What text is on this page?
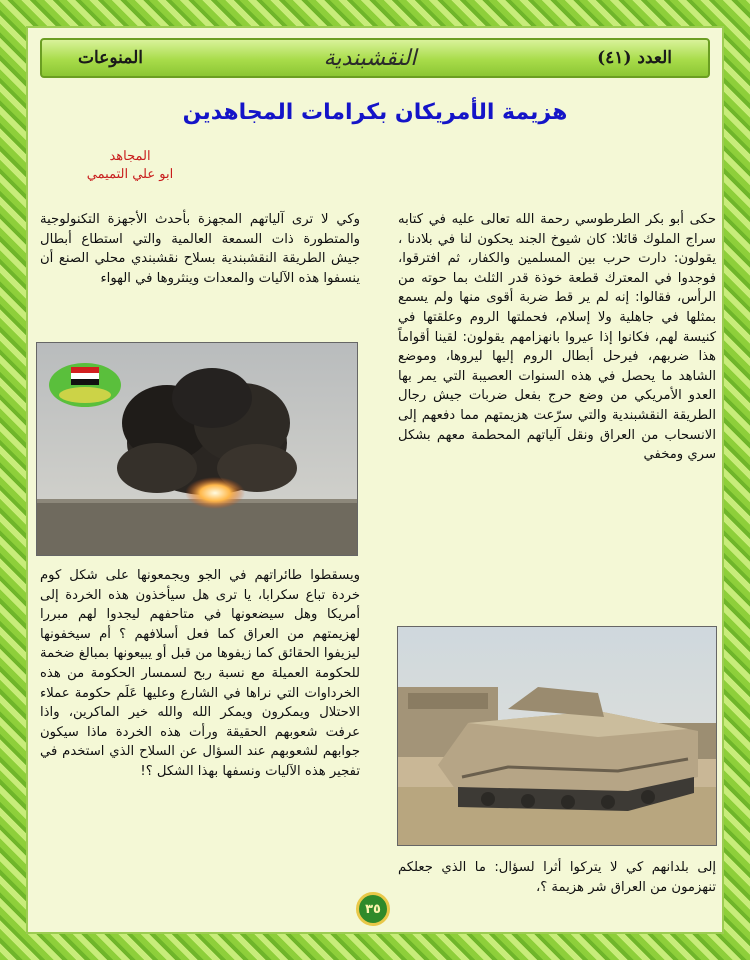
العدد (٤١)
النقشبندية
المنوعات
هزيمة الأمريكان بكرامات المجاهدين
المجاهد
ابو علي التميمي
حكى أبو بكر الطرطوسي رحمة الله تعالى عليه في كتابه سراج الملوك قائلا: كان شيوخ الجند يحكون لنا في بلادنا ، يقولون: دارت حرب بين المسلمين والكفار، ثم افترقوا، فوجدوا في المعترك قطعة خوذة قدر الثلث بما حوته من الرأس، فقالوا: إنه لم ير قط ضربة أقوى منها ولم يسمع بمثلها في جاهلية ولا إسلام، فحملتها الروم وعلقتها في كنيسة لهم، فكانوا إذا عيروا بانهزامهم يقولون: لقينا أقواماً هذا ضربهم، فيرحل أبطال الروم إليها ليروها، وموضع الشاهد ما يحصل في هذه السنوات العصيبة التي يمر بها العدو الأمريكي من وضع حرج بفعل ضربات جيش رجال الطريقة النقشبندية والتي سرّعت هزيمتهم مما دفعهم إلى الانسحاب من العراق ونقل آلياتهم المحطمة معهم بشكل سري ومخفي
وكي لا ترى آلياتهم المجهزة بأحدث الأجهزة التكنولوجية والمتطورة ذات السمعة العالمية والتي استطاع أبطال جيش الطريقة النقشبندية بسلاح نقشبندي محلي الصنع أن ينسفوا هذه الآليات والمعدات وينثروها في الهواء
ويسقطوا طائراتهم في الجو ويجمعونها على شكل كوم خردة تباع سكرابا، يا ترى هل سيأخذون هذه الخردة إلى أمريكا وهل سيضعونها في متاحفهم ليجدوا لهم مبررا لهزيمتهم من العراق كما فعل أسلافهم ؟ أم سيخفونها ليزيفوا الحقائق كما زيفوها من قبل أو يبيعونها بمبالغ ضخمة للحكومة العميلة مع نسبة ربح لسمسار الحكومة من هذه الخرداوات التي نراها في الشارع وعليها عَلَم حكومة عملاء الاحتلال ويمكرون ويمكر الله والله خير الماكرين، واذا عرفت شعوبهم الحقيقة ورأت هذه الخردة ماذا سيكون جوابهم لشعوبهم عند السؤال عن السلاح الذي استخدم في تفجير هذه الآليات ونسفها بهذا الشكل ؟!
إلى بلدانهم كي لا يتركوا أثرا لسؤال: ما الذي جعلكم تنهزمون من العراق شر هزيمة ؟،
٣٥
